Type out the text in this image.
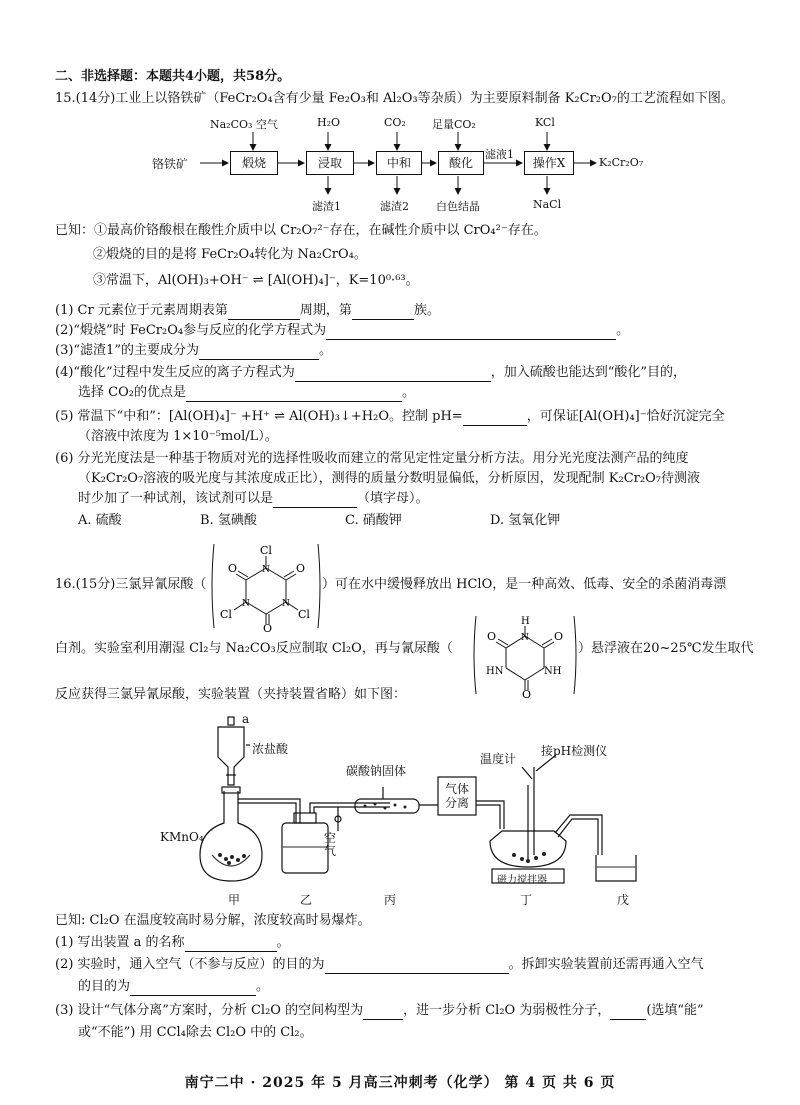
二、非选择题：本题共4小题，共58分。
15.(14分)工业上以铬铁矿（FeCr₂O₄含有少量 Fe₂O₃和 Al₂O₃等杂质）为主要原料制备 K₂Cr₂O₇的工艺流程如下图。
铬铁矿	煅烧	浸取	中和	酸化	操作X
Na₂CO₃ 空气	H₂O	CO₂ 足量CO₂	KCl
滤渣1	滤渣2 白色结晶	NaCl
滤液1
K₂Cr₂O₇
已知：①最高价铬酸根在酸性介质中以 Cr₂O₇²⁻存在，在碱性介质中以 CrO₄²⁻存在。
②煅烧的目的是将 FeCr₂O₄转化为 Na₂CrO₄。
③常温下，Al(OH)₃+OH⁻ ⇌ [Al(OH)₄]⁻，K=10⁰·⁶³。
(1) Cr 元素位于元素周期表第	周期，第	族。
(2)“煅烧”时 FeCr₂O₄参与反应的化学方程式为	。
(3)“滤渣1”的主要成分为	。
(4)“酸化”过程中发生反应的离子方程式为	，加入硫酸也能达到“酸化”目的，
选择 CO₂的优点是	。
(5) 常温下“中和”：[Al(OH)₄]⁻ +H⁺ ⇌ Al(OH)₃↓+H₂O。控制 pH=	，可保证[Al(OH)₄]⁻恰好沉淀完全
（溶液中浓度为 1×10⁻⁵mol/L）。
(6) 分光光度法是一种基于物质对光的选择性吸收而建立的常见定性定量分析方法。用分光光度法测产品的纯度
（K₂Cr₂O₇溶液的吸光度与其浓度成正比），测得的质量分数明显偏低，分析原因，发现配制 K₂Cr₂O₇待测液
时少加了一种试剂，该试剂可以是	（填字母）。
A. 硫酸	B. 氢碘酸	C. 硝酸钾	D. 氢氧化钾
16.(15分)三氯异氰尿酸（
Cl
O	O
Cl	Cl
O
N
N	N
）可在水中缓慢释放出 HClO，是一种高效、低毒、安全的杀菌消毒漂
白剂。实验室利用潮湿 Cl₂与 Na₂CO₃反应制取 Cl₂O，再与氰尿酸（
H
O	O
HN	NH
O
N
）悬浮液在20~25℃发生取代
反应获得三氯异氰尿酸，实验装置（夹持装置省略）如下图：
a
浓盐酸
KMnO₄
碳酸钠固体
空气
气体分离
温度计
接pH检测仪
磁力搅拌器
甲	乙	丙	丁	戊
已知: Cl₂O 在温度较高时易分解，浓度较高时易爆炸。
(1) 写出装置 a 的名称	。
(2) 实验时，通入空气（不参与反应）的目的为	。拆卸实验装置前还需再通入空气
的目的为	。
(3) 设计“气体分离”方案时，分析 Cl₂O 的空间构型为	，进一步分析 Cl₂O 为弱极性分子，	(选填“能”
或“不能”) 用 CCl₄除去 Cl₂O 中的 Cl₂。
南宁二中 · 2025 年 5 月高三冲刺考（化学） 第 4 页 共 6 页
